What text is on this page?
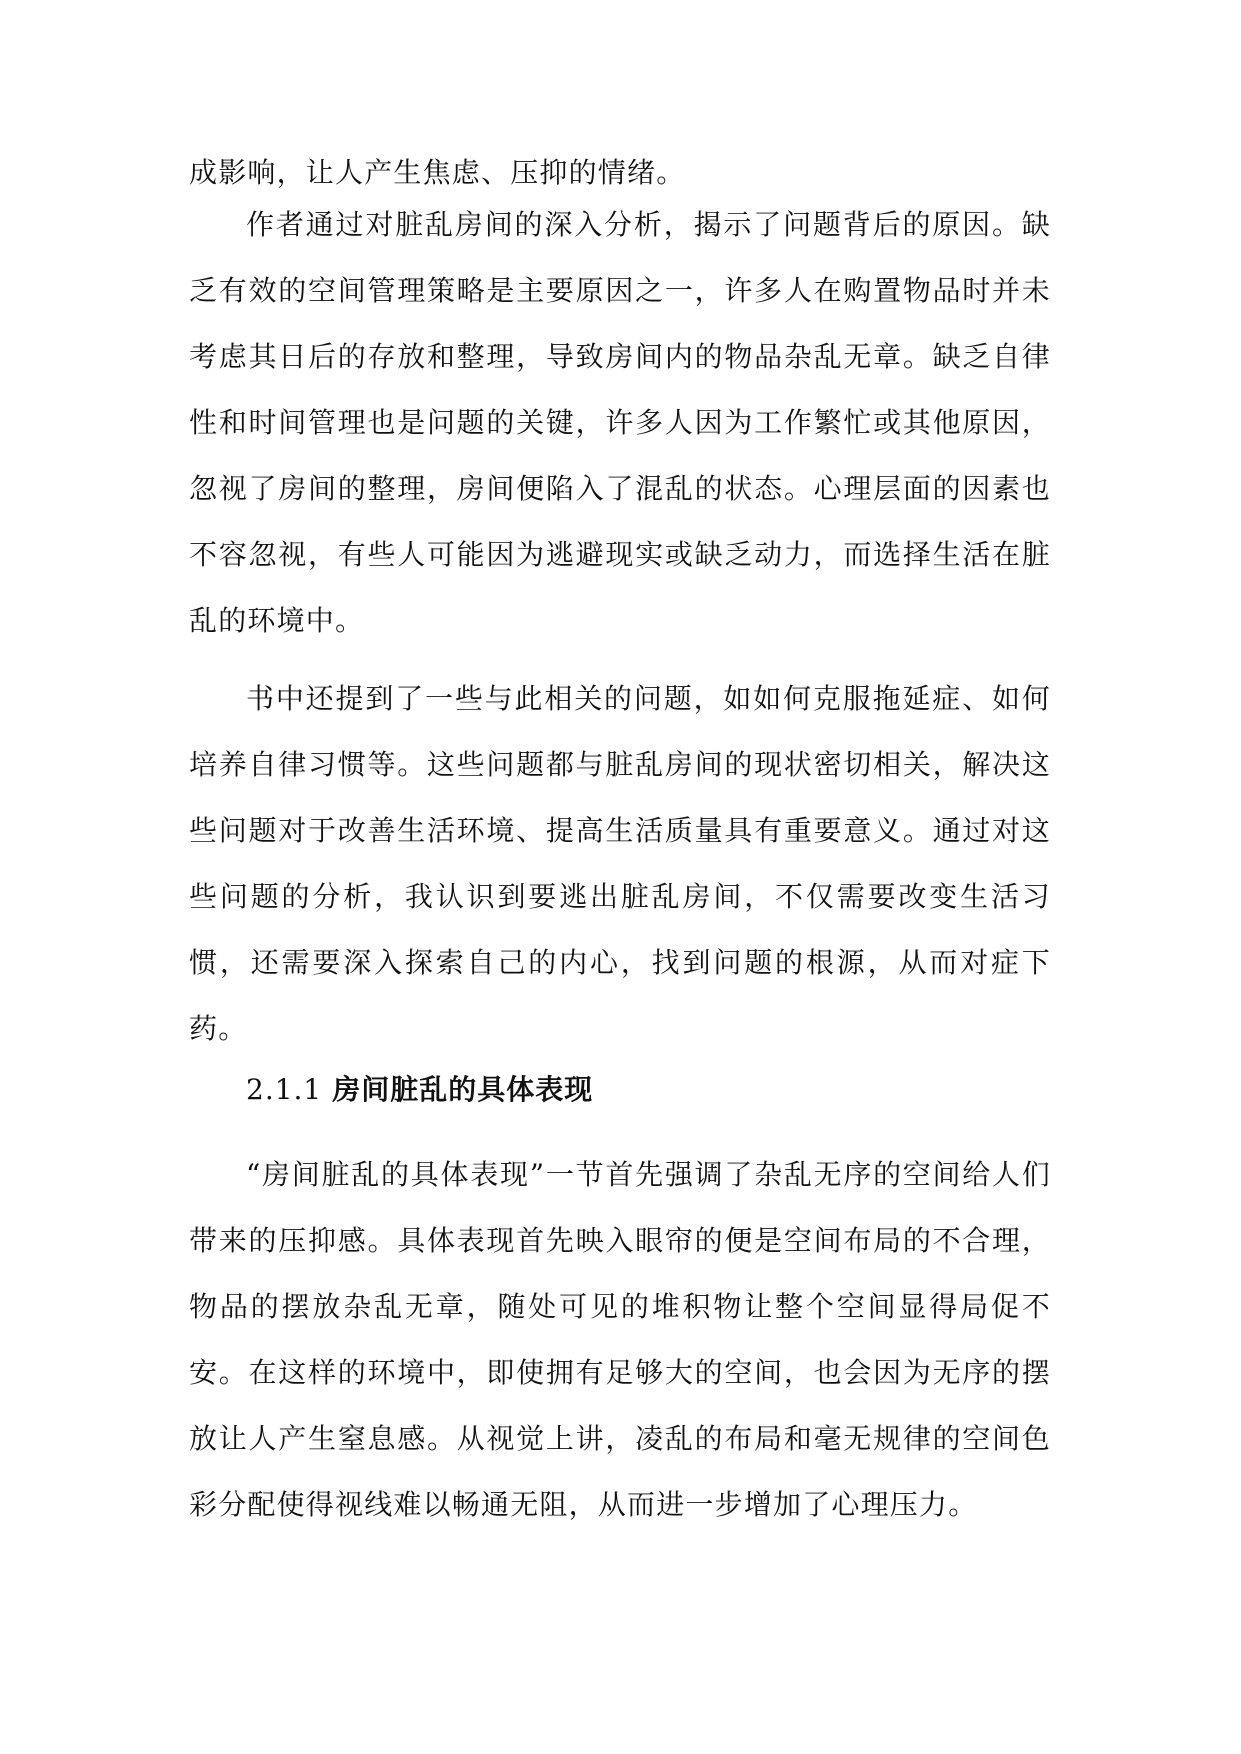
成影响，让人产生焦虑、压抑的情绪。

作者通过对脏乱房间的深入分析，揭示了问题背后的原因。缺乏有效的空间管理策略是主要原因之一，许多人在购置物品时并未考虑其日后的存放和整理，导致房间内的物品杂乱无章。缺乏自律性和时间管理也是问题的关键，许多人因为工作繁忙或其他原因，忽视了房间的整理，房间便陷入了混乱的状态。心理层面的因素也不容忽视，有些人可能因为逃避现实或缺乏动力，而选择生活在脏乱的环境中。

书中还提到了一些与此相关的问题，如如何克服拖延症、如何培养自律习惯等。这些问题都与脏乱房间的现状密切相关，解决这些问题对于改善生活环境、提高生活质量具有重要意义。通过对这些问题的分析，我认识到要逃出脏乱房间，不仅需要改变生活习惯，还需要深入探索自己的内心，找到问题的根源，从而对症下药。

2.1.1 房间脏乱的具体表现

“房间脏乱的具体表现”一节首先强调了杂乱无序的空间给人们带来的压抑感。具体表现首先映入眼帘的便是空间布局的不合理，物品的摆放杂乱无章，随处可见的堆积物让整个空间显得局促不安。在这样的环境中，即使拥有足够大的空间，也会因为无序的摆放让人产生窒息感。从视觉上讲，凌乱的布局和毫无规律的空间色彩分配使得视线难以畅通无阻，从而进一步增加了心理压力。
